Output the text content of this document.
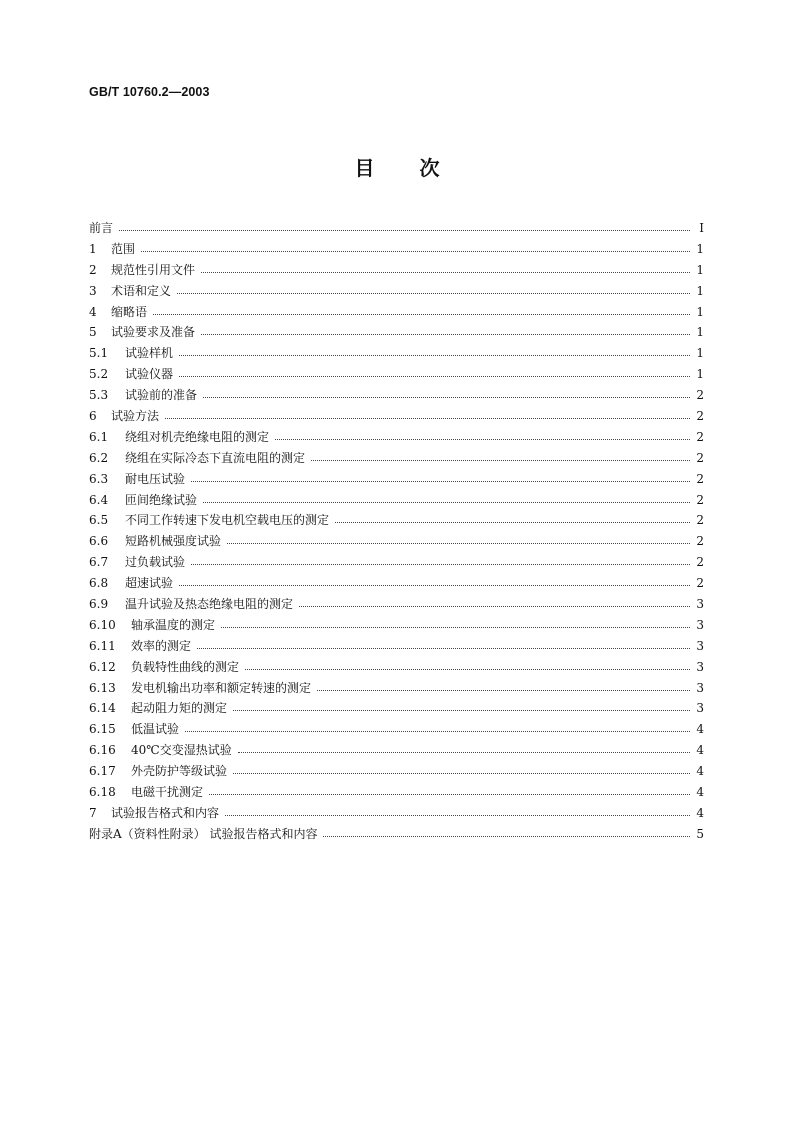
GB/T 10760.2—2003
目 次
前言	Ⅰ
1	范围	1
2	规范性引用文件	1
3	术语和定义	1
4	缩略语	1
5	试验要求及准备	1
5.1	试验样机	1
5.2	试验仪器	1
5.3	试验前的准备	2
6	试验方法	2
6.1	绕组对机壳绝缘电阻的测定	2
6.2	绕组在实际冷态下直流电阻的测定	2
6.3	耐电压试验	2
6.4	匝间绝缘试验	2
6.5	不同工作转速下发电机空载电压的测定	2
6.6	短路机械强度试验	2
6.7	过负载试验	2
6.8	超速试验	2
6.9	温升试验及热态绝缘电阻的测定	3
6.10	轴承温度的测定	3
6.11	效率的测定	3
6.12	负载特性曲线的测定	3
6.13	发电机输出功率和额定转速的测定	3
6.14	起动阻力矩的测定	3
6.15	低温试验	4
6.16	40℃交变湿热试验	4
6.17	外壳防护等级试验	4
6.18	电磁干扰测定	4
7	试验报告格式和内容	4
附录A（资料性附录） 试验报告格式和内容	5
